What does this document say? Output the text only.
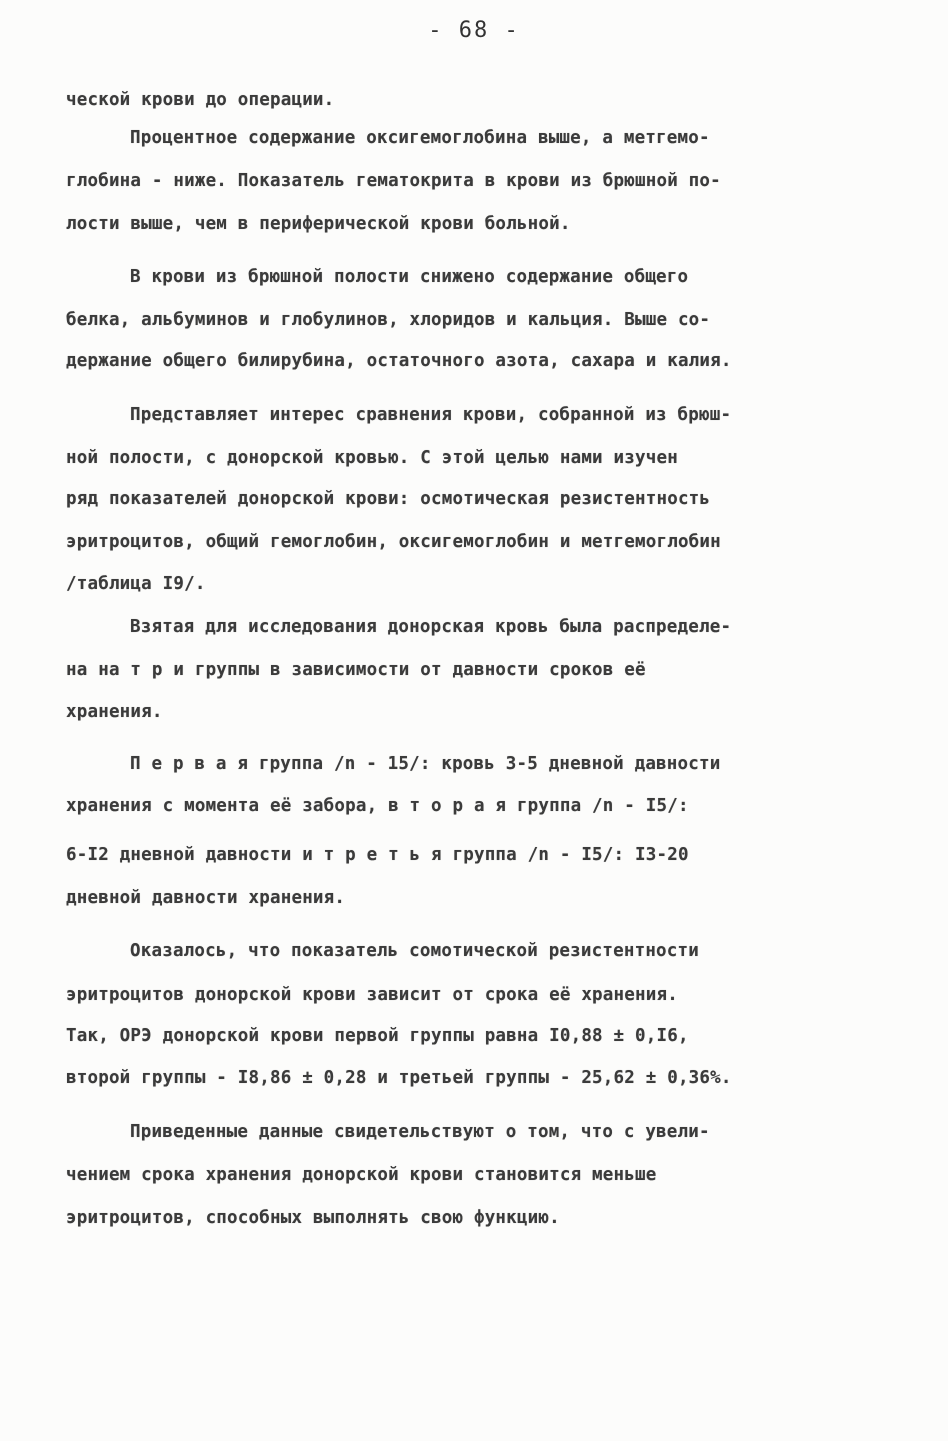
- 68 -
ческой крови до операции.
Процентное содержание оксигемоглобина выше, а метгемо-
глобина - ниже. Показатель гематокрита в крови из брюшной по-
лости выше, чем в периферической крови больной.
В крови из брюшной полости снижено содержание общего
белка, альбуминов и глобулинов, хлоридов и кальция. Выше со-
держание общего билирубина, остаточного азота, сахара и калия.
Представляет интерес сравнения крови, собранной из брюш-
ной полости, с донорской кровью. С этой целью нами изучен
ряд показателей донорской крови: осмотическая резистентность
эритроцитов, общий гемоглобин, оксигемоглобин и метгемоглобин
/таблица I9/.
Взятая для исследования донорская кровь была распределе-
на на т р и группы в зависимости от давности сроков её
хранения.
П е р в а я группа /n - 15/: кровь 3-5 дневной давности
хранения с момента её забора, в т о р а я группа /n - I5/:
6-I2 дневной давности и т р е т ь я группа /n - I5/: I3-20
дневной давности хранения.
Оказалось, что показатель сомотической резистентности
эритроцитов донорской крови зависит от срока её хранения.
Так, ОРЭ донорской крови первой группы равна I0,88 ± 0,I6,
второй группы - I8,86 ± 0,28 и третьей группы - 25,62 ± 0,36%.
Приведенные данные свидетельствуют о том, что с увели-
чением срока хранения донорской крови становится меньше
эритроцитов, способных выполнять свою функцию.
